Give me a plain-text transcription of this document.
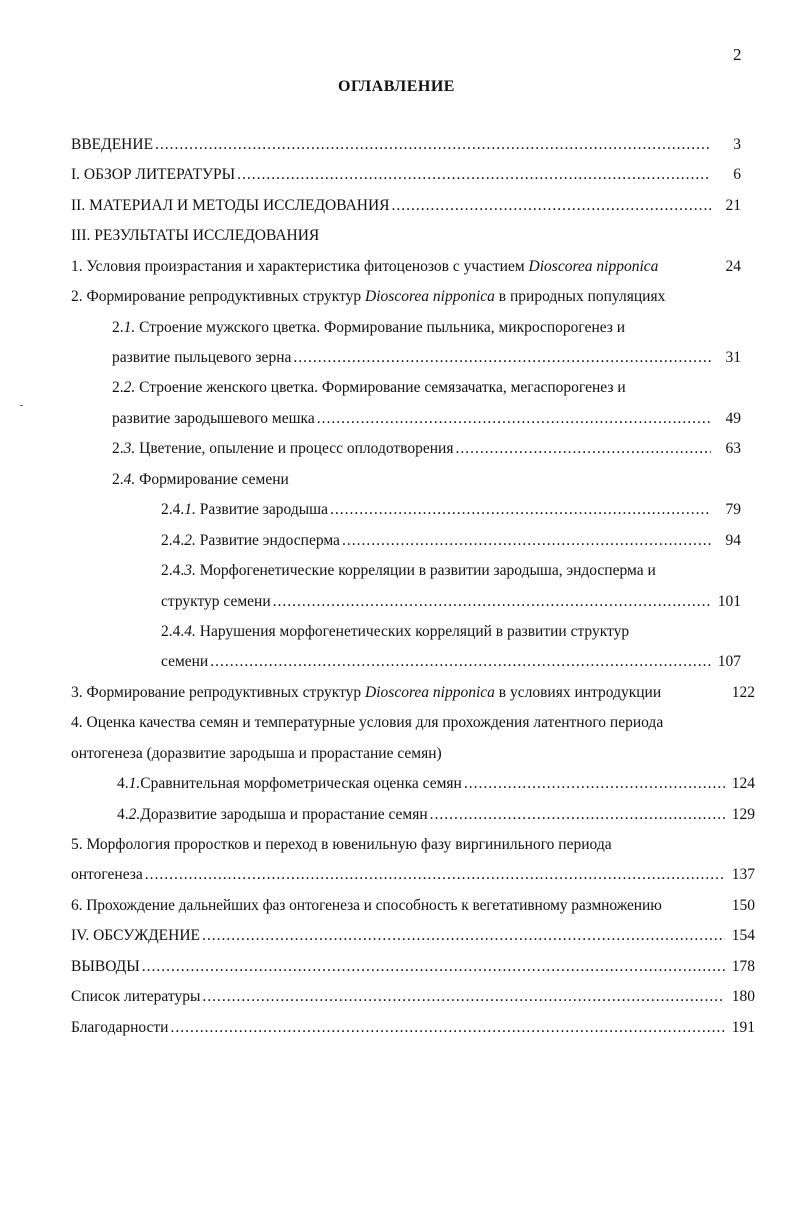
2
ОГЛАВЛЕНИЕ
ВВЕДЕНИЕ .....	3
I. ОБЗОР ЛИТЕРАТУРЫ .....	6
II. МАТЕРИАЛ И МЕТОДЫ ИССЛЕДОВАНИЯ .....	21
III. РЕЗУЛЬТАТЫ ИССЛЕДОВАНИЯ
1. Условия произрастания и характеристика фитоценозов с участием Dioscorea nipponica	24
2. Формирование репродуктивных структур Dioscorea nipponica в природных популяциях
2.1. Строение мужского цветка. Формирование пыльника, микроспорогенез и
развитие пыльцевого зерна .....	31
2.2. Строение женского цветка. Формирование семязачатка, мегаспорогенез и
развитие зародышевого мешка .....	49
2.3. Цветение, опыление и процесс оплодотворения .....	63
2.4. Формирование семени
2.4.1. Развитие зародыша .....	79
2.4.2. Развитие эндосперма .....	94
2.4.3. Морфогенетические корреляции в развитии зародыша, эндосперма и
структур семени .....	101
2.4.4. Нарушения морфогенетических корреляций в развитии структур
семени .....	107
3. Формирование репродуктивных структур Dioscorea nipponica в условиях интродукции	122
4. Оценка качества семян и температурные условия для прохождения латентного периода
онтогенеза (доразвитие зародыша и прорастание семян)
4.1.Сравнительная морфометрическая оценка семян .....	124
4.2.Доразвитие зародыша и прорастание семян .....	129
5. Морфология проростков и переход в ювенильную фазу виргинильного периода
онтогенеза .....	137
6. Прохождение дальнейших фаз онтогенеза и способность к вегетативному размножению	150
IV. ОБСУЖДЕНИЕ .....	154
ВЫВОДЫ .....	178
Список литературы .....	180
Благодарности .....	191
